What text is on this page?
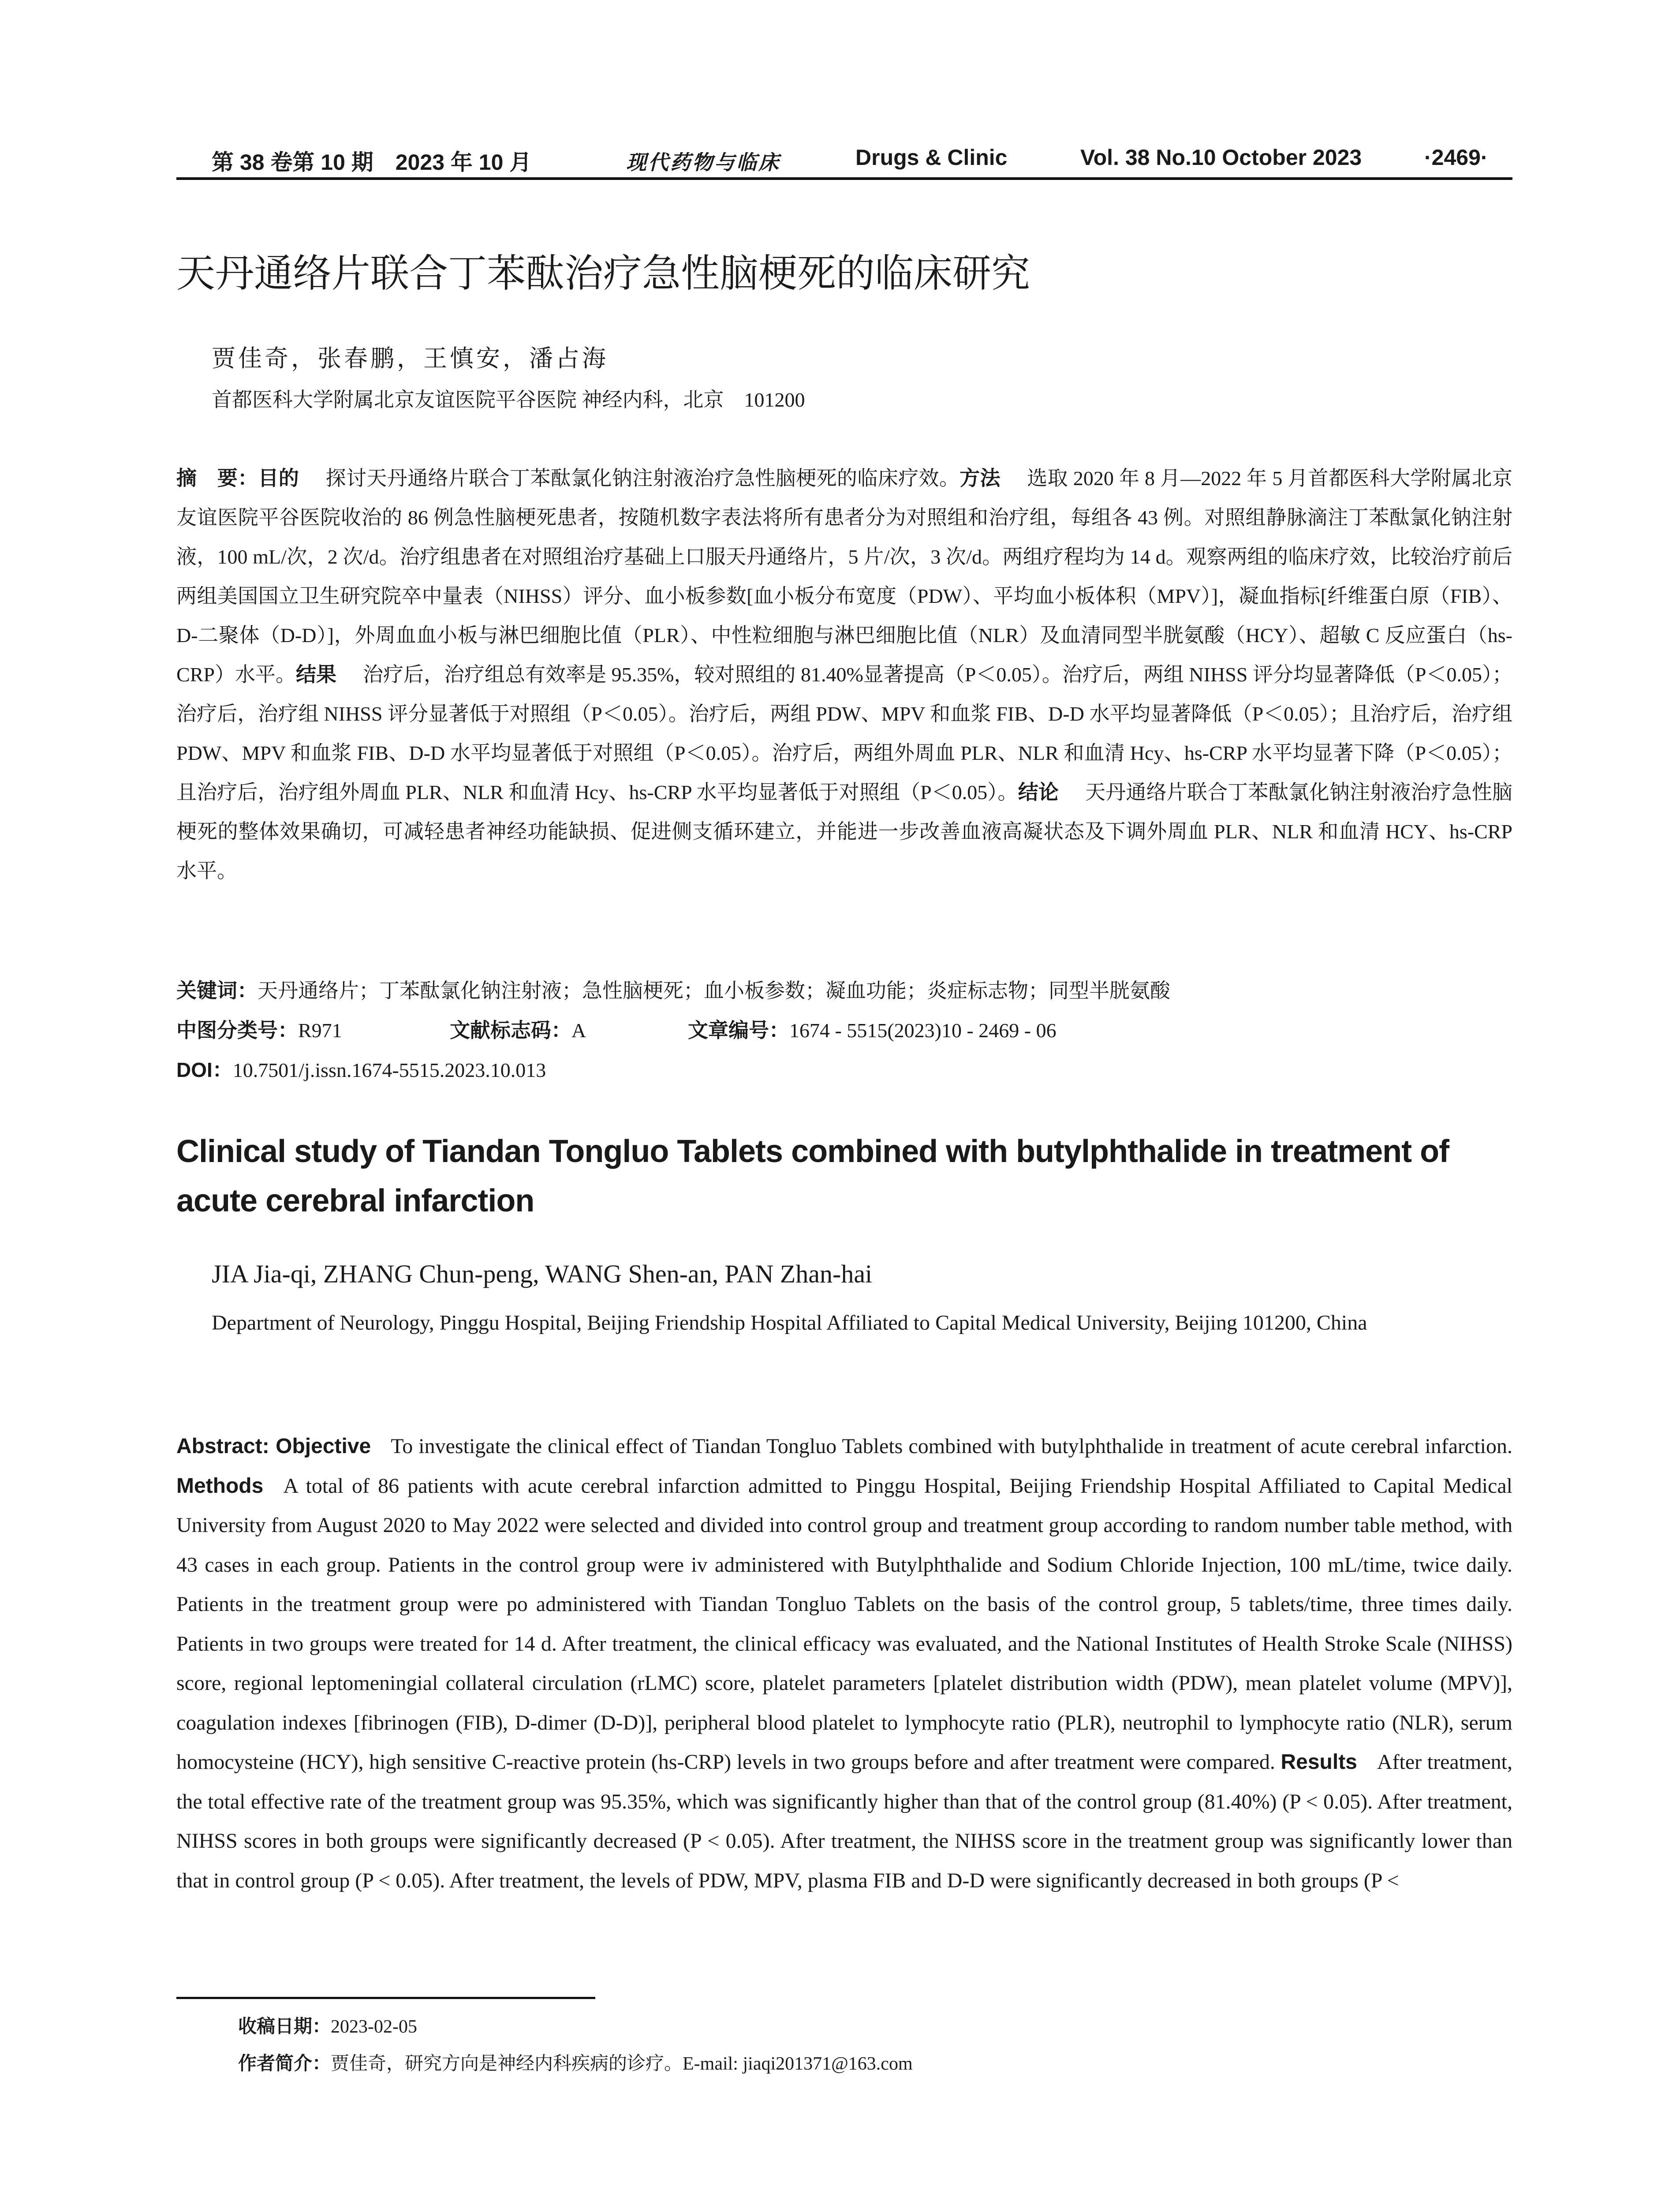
第 38 卷第 10 期　2023 年 10 月	现代药物与临床	Drugs & Clinic	Vol. 38 No.10 October 2023	·2469·
天丹通络片联合丁苯酞治疗急性脑梗死的临床研究
贾佳奇，张春鹏，王慎安，潘占海
首都医科大学附属北京友谊医院平谷医院 神经内科，北京　101200

摘　要：目的 探讨天丹通络片联合丁苯酞氯化钠注射液治疗急性脑梗死的临床疗效。方法 选取 2020 年 8 月—2022 年 5 月首都医科大学附属北京友谊医院平谷医院收治的 86 例急性脑梗死患者，按随机数字表法将所有患者分为对照组和治疗组，每组各 43 例。对照组静脉滴注丁苯酞氯化钠注射液，100 mL/次，2 次/d。治疗组患者在对照组治疗基础上口服天丹通络片，5 片/次，3 次/d。两组疗程均为 14 d。观察两组的临床疗效，比较治疗前后两组美国国立卫生研究院卒中量表（NIHSS）评分、血小板参数[血小板分布宽度（PDW）、平均血小板体积（MPV）]，凝血指标[纤维蛋白原（FIB）、D-二聚体（D-D）]，外周血血小板与淋巴细胞比值（PLR）、中性粒细胞与淋巴细胞比值（NLR）及血清同型半胱氨酸（HCY）、超敏 C 反应蛋白（hs-CRP）水平。结果 治疗后，治疗组总有效率是 95.35%，较对照组的 81.40%显著提高（P＜0.05）。治疗后，两组 NIHSS 评分均显著降低（P＜0.05）；治疗后，治疗组 NIHSS 评分显著低于对照组（P＜0.05）。治疗后，两组 PDW、MPV 和血浆 FIB、D-D 水平均显著降低（P＜0.05）；且治疗后，治疗组 PDW、MPV 和血浆 FIB、D-D 水平均显著低于对照组（P＜0.05）。治疗后，两组外周血 PLR、NLR 和血清 Hcy、hs-CRP 水平均显著下降（P＜0.05）；且治疗后，治疗组外周血 PLR、NLR 和血清 Hcy、hs-CRP 水平均显著低于对照组（P＜0.05）。结论 天丹通络片联合丁苯酞氯化钠注射液治疗急性脑梗死的整体效果确切，可减轻患者神经功能缺损、促进侧支循环建立，并能进一步改善血液高凝状态及下调外周血 PLR、NLR 和血清 HCY、hs-CRP 水平。

关键词：天丹通络片；丁苯酞氯化钠注射液；急性脑梗死；血小板参数；凝血功能；炎症标志物；同型半胱氨酸
中图分类号：R971	文献标志码：A	文章编号：1674 - 5515(2023)10 - 2469 - 06
DOI：10.7501/j.issn.1674-5515.2023.10.013
Clinical study of Tiandan Tongluo Tablets combined with butylphthalide in treatment of acute cerebral infarction
JIA Jia-qi, ZHANG Chun-peng, WANG Shen-an, PAN Zhan-hai

Department of Neurology, Pinggu Hospital, Beijing Friendship Hospital Affiliated to Capital Medical University, Beijing 101200, China

Abstract: Objective To investigate the clinical effect of Tiandan Tongluo Tablets combined with butylphthalide in treatment of acute cerebral infarction. Methods A total of 86 patients with acute cerebral infarction admitted to Pinggu Hospital, Beijing Friendship Hospital Affiliated to Capital Medical University from August 2020 to May 2022 were selected and divided into control group and treatment group according to random number table method, with 43 cases in each group. Patients in the control group were iv administered with Butylphthalide and Sodium Chloride Injection, 100 mL/time, twice daily. Patients in the treatment group were po administered with Tiandan Tongluo Tablets on the basis of the control group, 5 tablets/time, three times daily. Patients in two groups were treated for 14 d. After treatment, the clinical efficacy was evaluated, and the National Institutes of Health Stroke Scale (NIHSS) score, regional leptomeningial collateral circulation (rLMC) score, platelet parameters [platelet distribution width (PDW), mean platelet volume (MPV)], coagulation indexes [fibrinogen (FIB), D-dimer (D-D)], peripheral blood platelet to lymphocyte ratio (PLR), neutrophil to lymphocyte ratio (NLR), serum homocysteine (HCY), high sensitive C-reactive protein (hs-CRP) levels in two groups before and after treatment were compared. Results After treatment, the total effective rate of the treatment group was 95.35%, which was significantly higher than that of the control group (81.40%) (P < 0.05). After treatment, NIHSS scores in both groups were significantly decreased (P < 0.05). After treatment, the NIHSS score in the treatment group was significantly lower than that in control group (P < 0.05). After treatment, the levels of PDW, MPV, plasma FIB and D-D were significantly decreased in both groups (P <

收稿日期：2023-02-05
作者简介：贾佳奇，研究方向是神经内科疾病的诊疗。E-mail: jiaqi201371@163.com
